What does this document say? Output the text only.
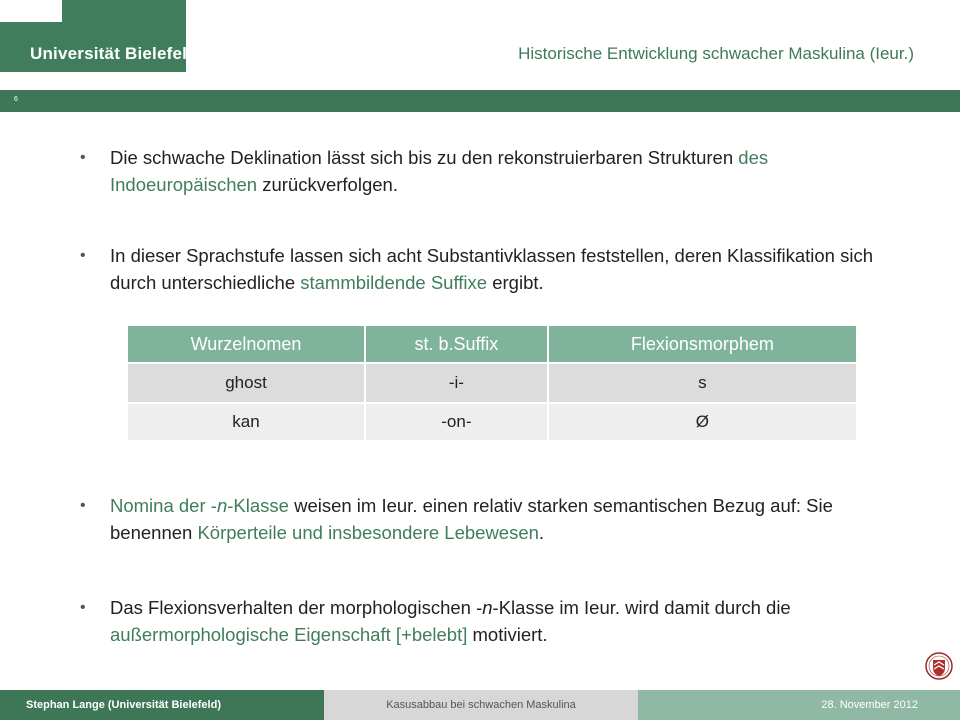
Universität Bielefeld	Historische Entwicklung schwacher Maskulina (Ieur.)
6
• Die schwache Deklination lässt sich bis zu den rekonstruierbaren Strukturen des Indoeuropäischen zurückverfolgen.
• In dieser Sprachstufe lassen sich acht Substantivklassen feststellen, deren Klassifikation sich durch unterschiedliche stammbildende Suffixe ergibt.
• Nomina der -n-Klasse weisen im Ieur. einen relativ starken semantischen Bezug auf: Sie benennen Körperteile und insbesondere Lebewesen.
• Das Flexionsverhalten der morphologischen -n-Klasse im Ieur. wird damit durch die außermorphologische Eigenschaft [+belebt] motiviert.
Wurzelnomen	st. b.Suffix	Flexionsmorphem
ghost	-i-	s
kan	-on-	Ø
Stephan Lange (Universität Bielefeld)	Kasusabbau bei schwachen Maskulina	28. November 2012
